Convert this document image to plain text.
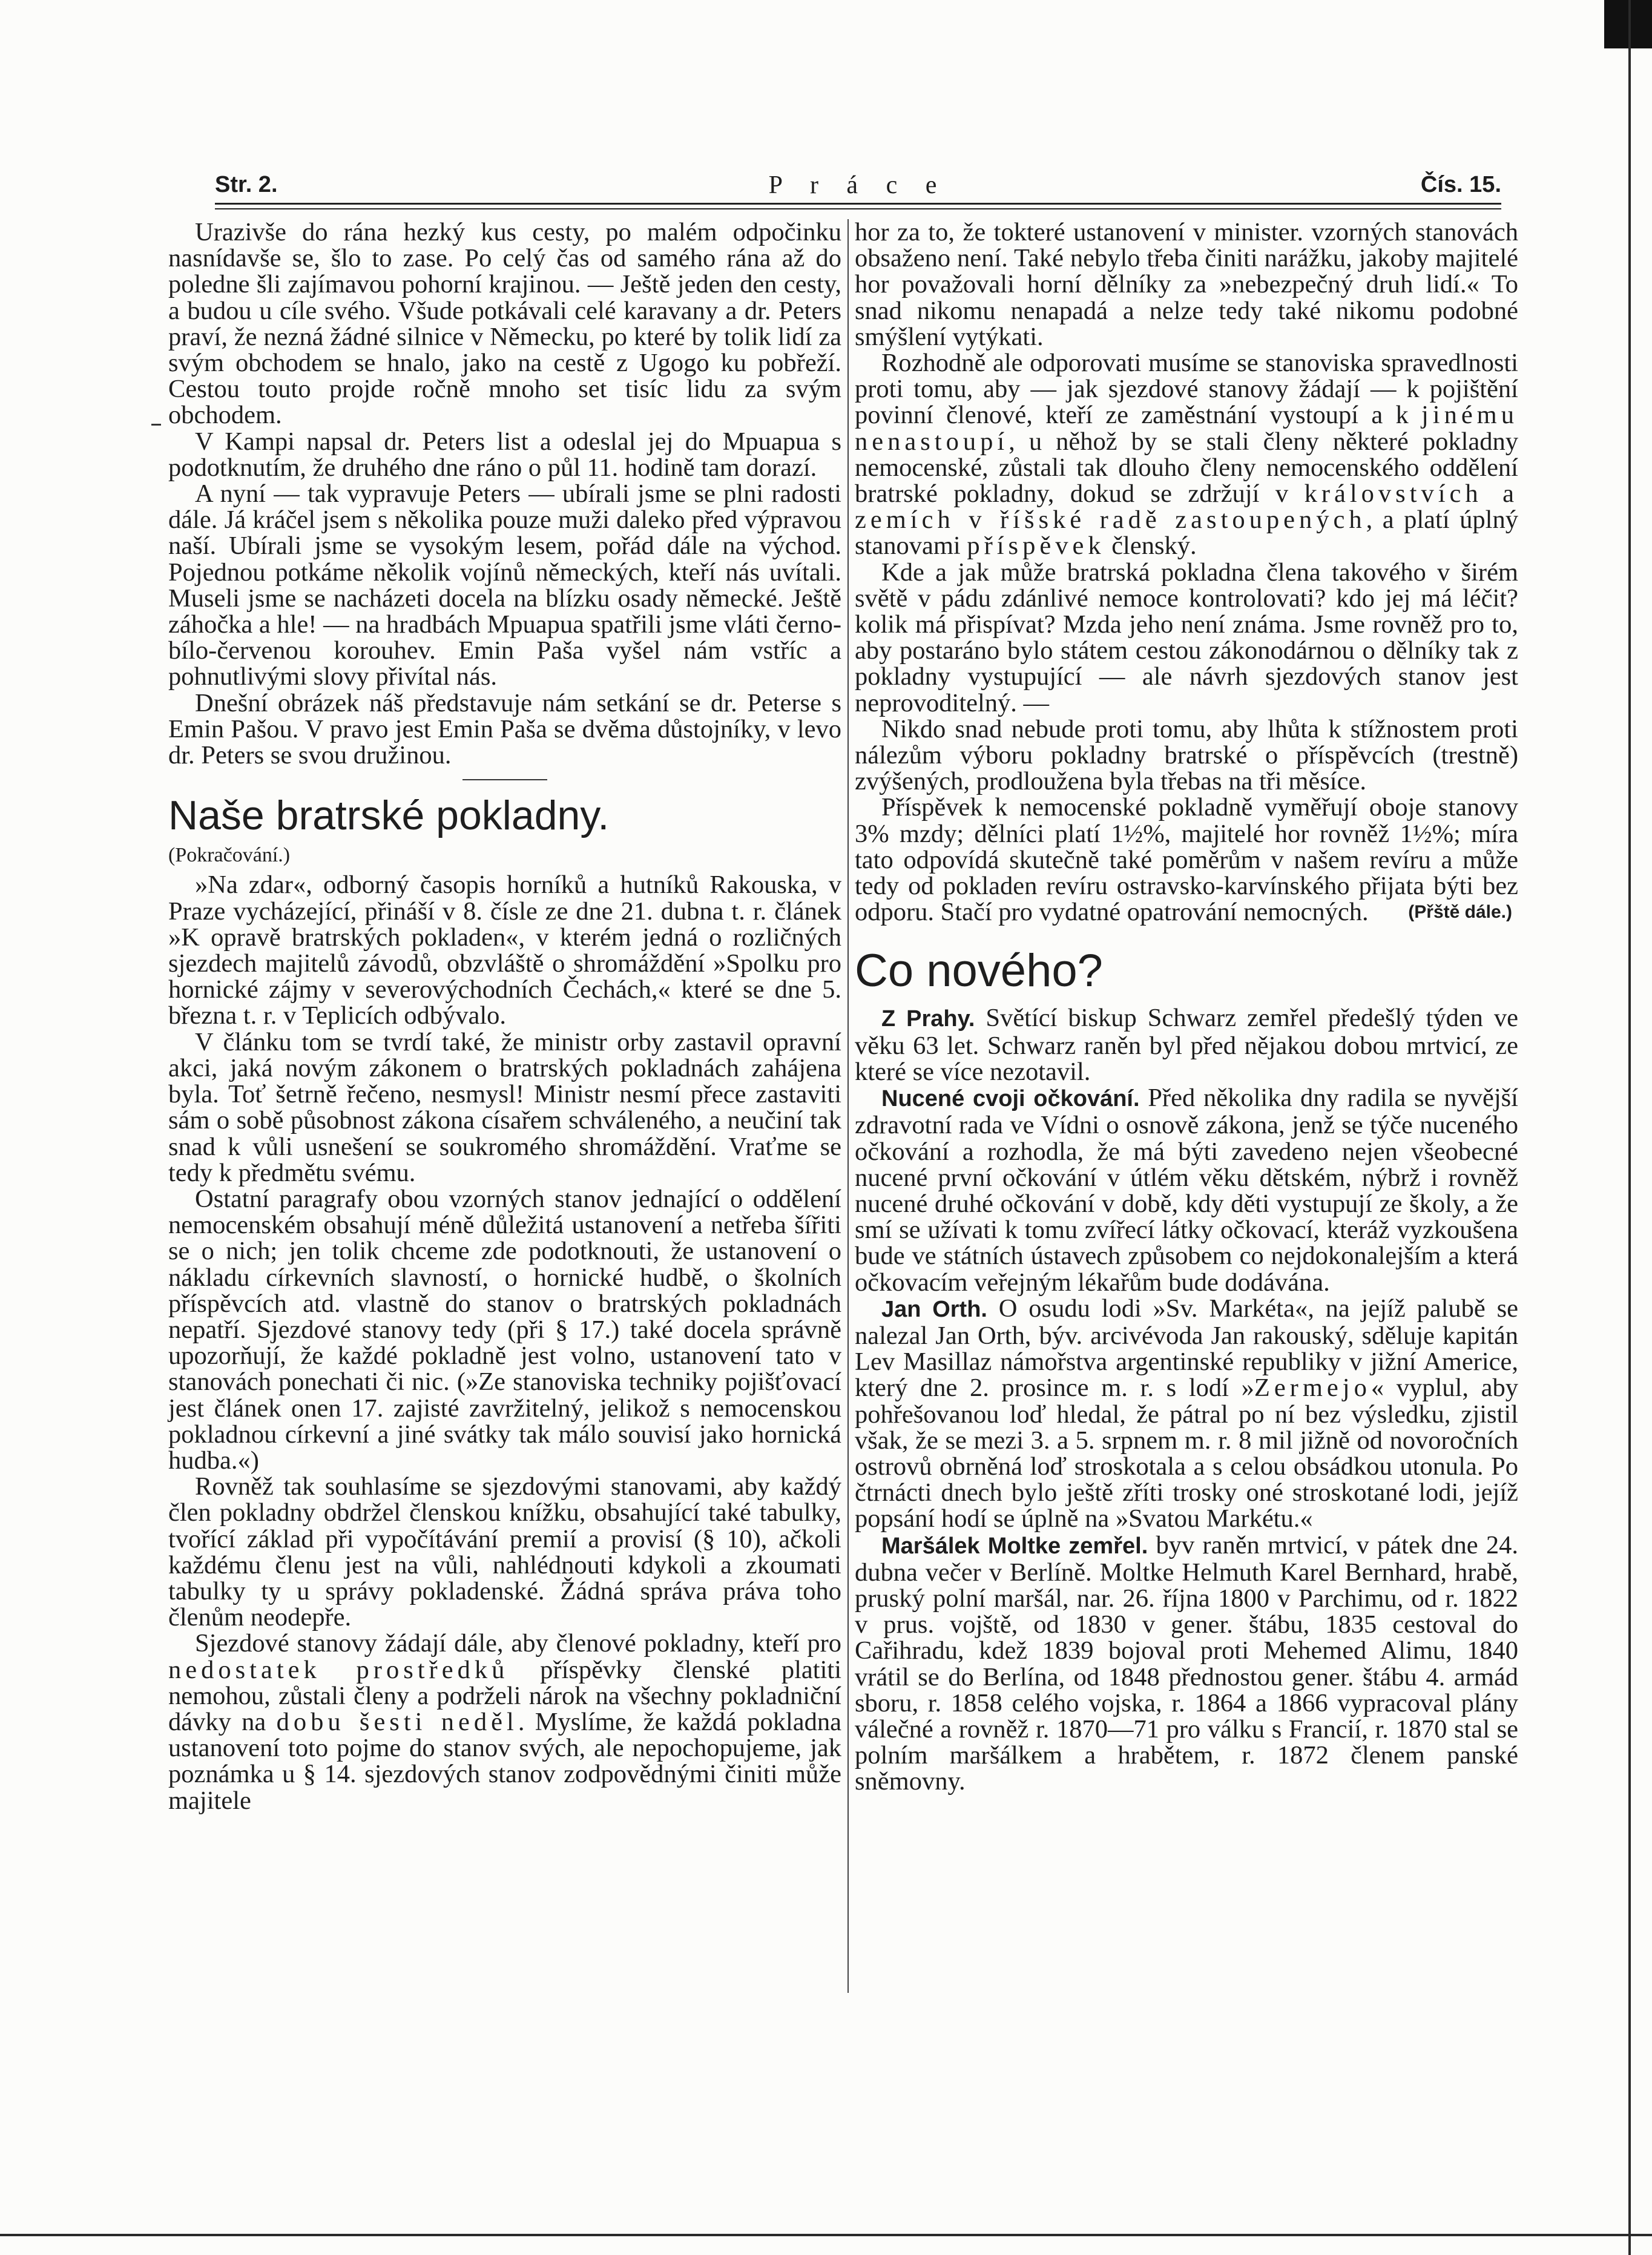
Str. 2.	P r á c e	Čís. 15.

Urazivše do rána hezký kus cesty, po malém odpočinku nasnídavše se, šlo to zase. Po celý čas od samého rána až do poledne šli zajímavou pohorní krajinou. — Ještě jeden den cesty, a budou u cíle svého. Všude potkávali celé karavany a dr. Peters praví, že nezná žádné silnice v Německu, po které by tolik lidí za svým obchodem se hnalo, jako na cestě z Ugogo ku pobřeží. Cestou touto projde ročně mnoho set tisíc lidu za svým obchodem.

V Kampi napsal dr. Peters list a odeslal jej do Mpuapua s podotknutím, že druhého dne ráno o půl 11. hodině tam dorazí.

A nyní — tak vypravuje Peters — ubírali jsme se plni radosti dále. Já kráčel jsem s několika pouze muži daleko před výpravou naší. Ubírali jsme se vysokým lesem, pořád dále na východ. Pojednou potkáme několik vojínů německých, kteří nás uvítali. Museli jsme se nacházeti docela na blízku osady německé. Ještě záhočka a hle! — na hradbách Mpuapua spatřili jsme vláti černo-bílo-červenou korouhev. Emin Paša vyšel nám vstříc a pohnutlivými slovy přivítal nás.

Dnešní obrázek náš představuje nám setkání se dr. Peterse s Emin Pašou. V pravo jest Emin Paša se dvěma důstojníky, v levo dr. Peters se svou družinou.

Naše bratrské pokladny.
(Pokračování.)

»Na zdar«, odborný časopis horníků a hutníků Rakouska, v Praze vycházející, přináší v 8. čísle ze dne 21. dubna t. r. článek »K opravě bratrských pokladen«, v kterém jedná o rozličných sjezdech majitelů závodů, obzvláště o shromáždění »Spolku pro hornické zájmy v severovýchodních Čechách,« které se dne 5. března t. r. v Teplicích odbývalo.

V článku tom se tvrdí také, že ministr orby zastavil opravní akci, jaká novým zákonem o bratrských pokladnách zahájena byla. Toť šetrně řečeno, nesmysl! Ministr nesmí přece zastaviti sám o sobě působnost zákona císařem schváleného, a neučiní tak snad k vůli usnešení se soukromého shromáždění. Vraťme se tedy k předmětu svému.

Ostatní paragrafy obou vzorných stanov jednající o oddělení nemocenském obsahují méně důležitá ustanovení a netřeba šířiti se o nich; jen tolik chceme zde podotknouti, že ustanovení o nákladu církevních slavností, o hornické hudbě, o školních příspěvcích atd. vlastně do stanov o bratrských pokladnách nepatří. Sjezdové stanovy tedy (při § 17.) také docela správně upozorňují, že každé pokladně jest volno, ustanovení tato v stanovách ponechati či nic. (»Ze stanoviska techniky pojišťovací jest článek onen 17. zajisté zavržitelný, jelikož s nemocenskou pokladnou církevní a jiné svátky tak málo souvisí jako hornická hudba.«)

Rovněž tak souhlasíme se sjezdovými stanovami, aby každý člen pokladny obdržel členskou knížku, obsahující také tabulky, tvořící základ při vypočítávání premií a provisí (§ 10), ačkoli každému členu jest na vůli, nahlédnouti kdykoli a zkoumati tabulky ty u správy pokladenské. Žádná správa práva toho členům neodepře.

Sjezdové stanovy žádají dále, aby členové pokladny, kteří pro nedostatek prostředků příspěvky členské platiti nemohou, zůstali členy a podrželi nárok na všechny pokladniční dávky na dobu šesti neděl. Myslíme, že každá pokladna ustanovení toto pojme do stanov svých, ale nepochopujeme, jak poznámka u § 14. sjezdových stanov zodpovědnými činiti může majitele

hor za to, že tokteré ustanovení v minister. vzorných stanovách obsaženo není. Také nebylo třeba činiti narážku, jakoby majitelé hor považovali horní dělníky za »nebezpečný druh lidí.« To snad nikomu nenapadá a nelze tedy také nikomu podobné smýšlení vytýkati.

Rozhodně ale odporovati musíme se stanoviska spravedlnosti proti tomu, aby — jak sjezdové stanovy žádají — k pojištění povinní členové, kteří ze zaměstnání vystoupí a k jinému nenastoupí, u něhož by se stali členy některé pokladny nemocenské, zůstali tak dlouho členy nemocenského oddělení bratrské pokladny, dokud se zdržují v královstvích a zemích v říšské radě zastoupených, a platí úplný stanovami příspěvek členský.

Kde a jak může bratrská pokladna člena takového v širém světě v pádu zdánlivé nemoce kontrolovati? kdo jej má léčit? kolik má přispívat? Mzda jeho není známa. Jsme rovněž pro to, aby postaráno bylo státem cestou zákonodárnou o dělníky tak z pokladny vystupující — ale návrh sjezdových stanov jest neprovoditelný. —

Nikdo snad nebude proti tomu, aby lhůta k stížnostem proti nálezům výboru pokladny bratrské o příspěvcích (trestně) zvýšených, prodloužena byla třebas na tři měsíce.

Příspěvek k nemocenské pokladně vyměřují oboje stanovy 3% mzdy; dělníci platí 1½%, majitelé hor rovněž 1½%; míra tato odpovídá skutečně také poměrům v našem revíru a může tedy od pokladen revíru ostravsko-karvínského přijata býti bez odporu. Stačí pro vydatné opatrování nemocných.	(Přště dále.)

Co nového?

Z Prahy. Světící biskup Schwarz zemřel předešlý týden ve věku 63 let. Schwarz raněn byl před nějakou dobou mrtvicí, ze které se více nezotavil.

Nucené cvoji očkování. Před několika dny radila se nyvější zdravotní rada ve Vídni o osnově zákona, jenž se týče nuceného očkování a rozhodla, že má býti zavedeno nejen všeobecné nucené první očkování v útlém věku dětském, nýbrž i rovněž nucené druhé očkování v době, kdy děti vystupují ze školy, a že smí se užívati k tomu zvířecí látky očkovací, kteráž vyzkoušena bude ve státních ústavech způsobem co nejdokonalejším a která očkovacím veřejným lékařům bude dodávána.

Jan Orth. O osudu lodi »Sv. Markéta«, na jejíž palubě se nalezal Jan Orth, býv. arcivévoda Jan rakouský, sděluje kapitán Lev Masillaz námořstva argentinské republiky v jižní Americe, který dne 2. prosince m. r. s lodí »Zermejo« vyplul, aby pohřešovanou loď hledal, že pátral po ní bez výsledku, zjistil však, že se mezi 3. a 5. srpnem m. r. 8 mil jižně od novoročních ostrovů obrněná loď stroskotala a s celou obsádkou utonula. Po čtrnácti dnech bylo ještě zříti trosky oné stroskotané lodi, jejíž popsání hodí se úplně na »Svatou Markétu.«

Maršálek Moltke zemřel. byv raněn mrtvicí, v pátek dne 24. dubna večer v Berlíně. Moltke Helmuth Karel Bernhard, hrabě, pruský polní maršál, nar. 26. října 1800 v Parchimu, od r. 1822 v prus. vojště, od 1830 v gener. štábu, 1835 cestoval do Cařihradu, kdež 1839 bojoval proti Mehemed Alimu, 1840 vrátil se do Berlína, od 1848 přednostou gener. štábu 4. armád sboru, r. 1858 celého vojska, r. 1864 a 1866 vypracoval plány válečné a rovněž r. 1870—71 pro válku s Francií, r. 1870 stal se polním maršálkem a hrabětem, r. 1872 členem panské sněmovny.
